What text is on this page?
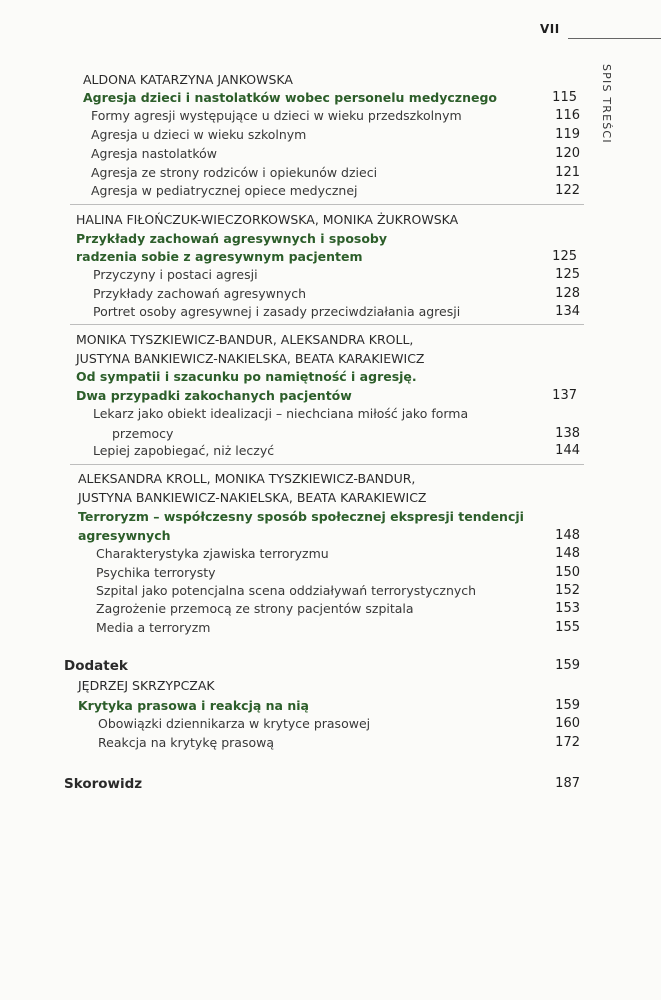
VII
SPIS TREŚCI
ALDONA KATARZYNA JANKOWSKA
Agresja dzieci i nastolatków wobec personelu medycznego	115
Formy agresji występujące u dzieci w wieku przedszkolnym	116
Agresja u dzieci w wieku szkolnym	119
Agresja nastolatków	120
Agresja ze strony rodziców i opiekunów dzieci	121
Agresja w pediatrycznej opiece medycznej	122
HALINA FIŁOŃCZUK-WIECZORKOWSKA, MONIKA ŻUKROWSKA
Przykłady zachowań agresywnych i sposoby
radzenia sobie z agresywnym pacjentem	125
Przyczyny i postaci agresji	125
Przykłady zachowań agresywnych	128
Portret osoby agresywnej i zasady przeciwdziałania agresji	134
MONIKA TYSZKIEWICZ-BANDUR, ALEKSANDRA KROLL,
JUSTYNA BANKIEWICZ-NAKIELSKA, BEATA KARAKIEWICZ
Od sympatii i szacunku po namiętność i agresję.
Dwa przypadki zakochanych pacjentów	137
Lekarz jako obiekt idealizacji – niechciana miłość jako forma
przemocy	138
Lepiej zapobiegać, niż leczyć	144
ALEKSANDRA KROLL, MONIKA TYSZKIEWICZ-BANDUR,
JUSTYNA BANKIEWICZ-NAKIELSKA, BEATA KARAKIEWICZ
Terroryzm – współczesny sposób społecznej ekspresji tendencji
agresywnych	148
Charakterystyka zjawiska terroryzmu	148
Psychika terrorysty	150
Szpital jako potencjalna scena oddziaływań terrorystycznych	152
Zagrożenie przemocą ze strony pacjentów szpitala	153
Media a terroryzm	155
Dodatek	159
JĘDRZEJ SKRZYPCZAK
Krytyka prasowa i reakcją na nią	159
Obowiązki dziennikarza w krytyce prasowej	160
Reakcja na krytykę prasową	172
Skorowidz	187
